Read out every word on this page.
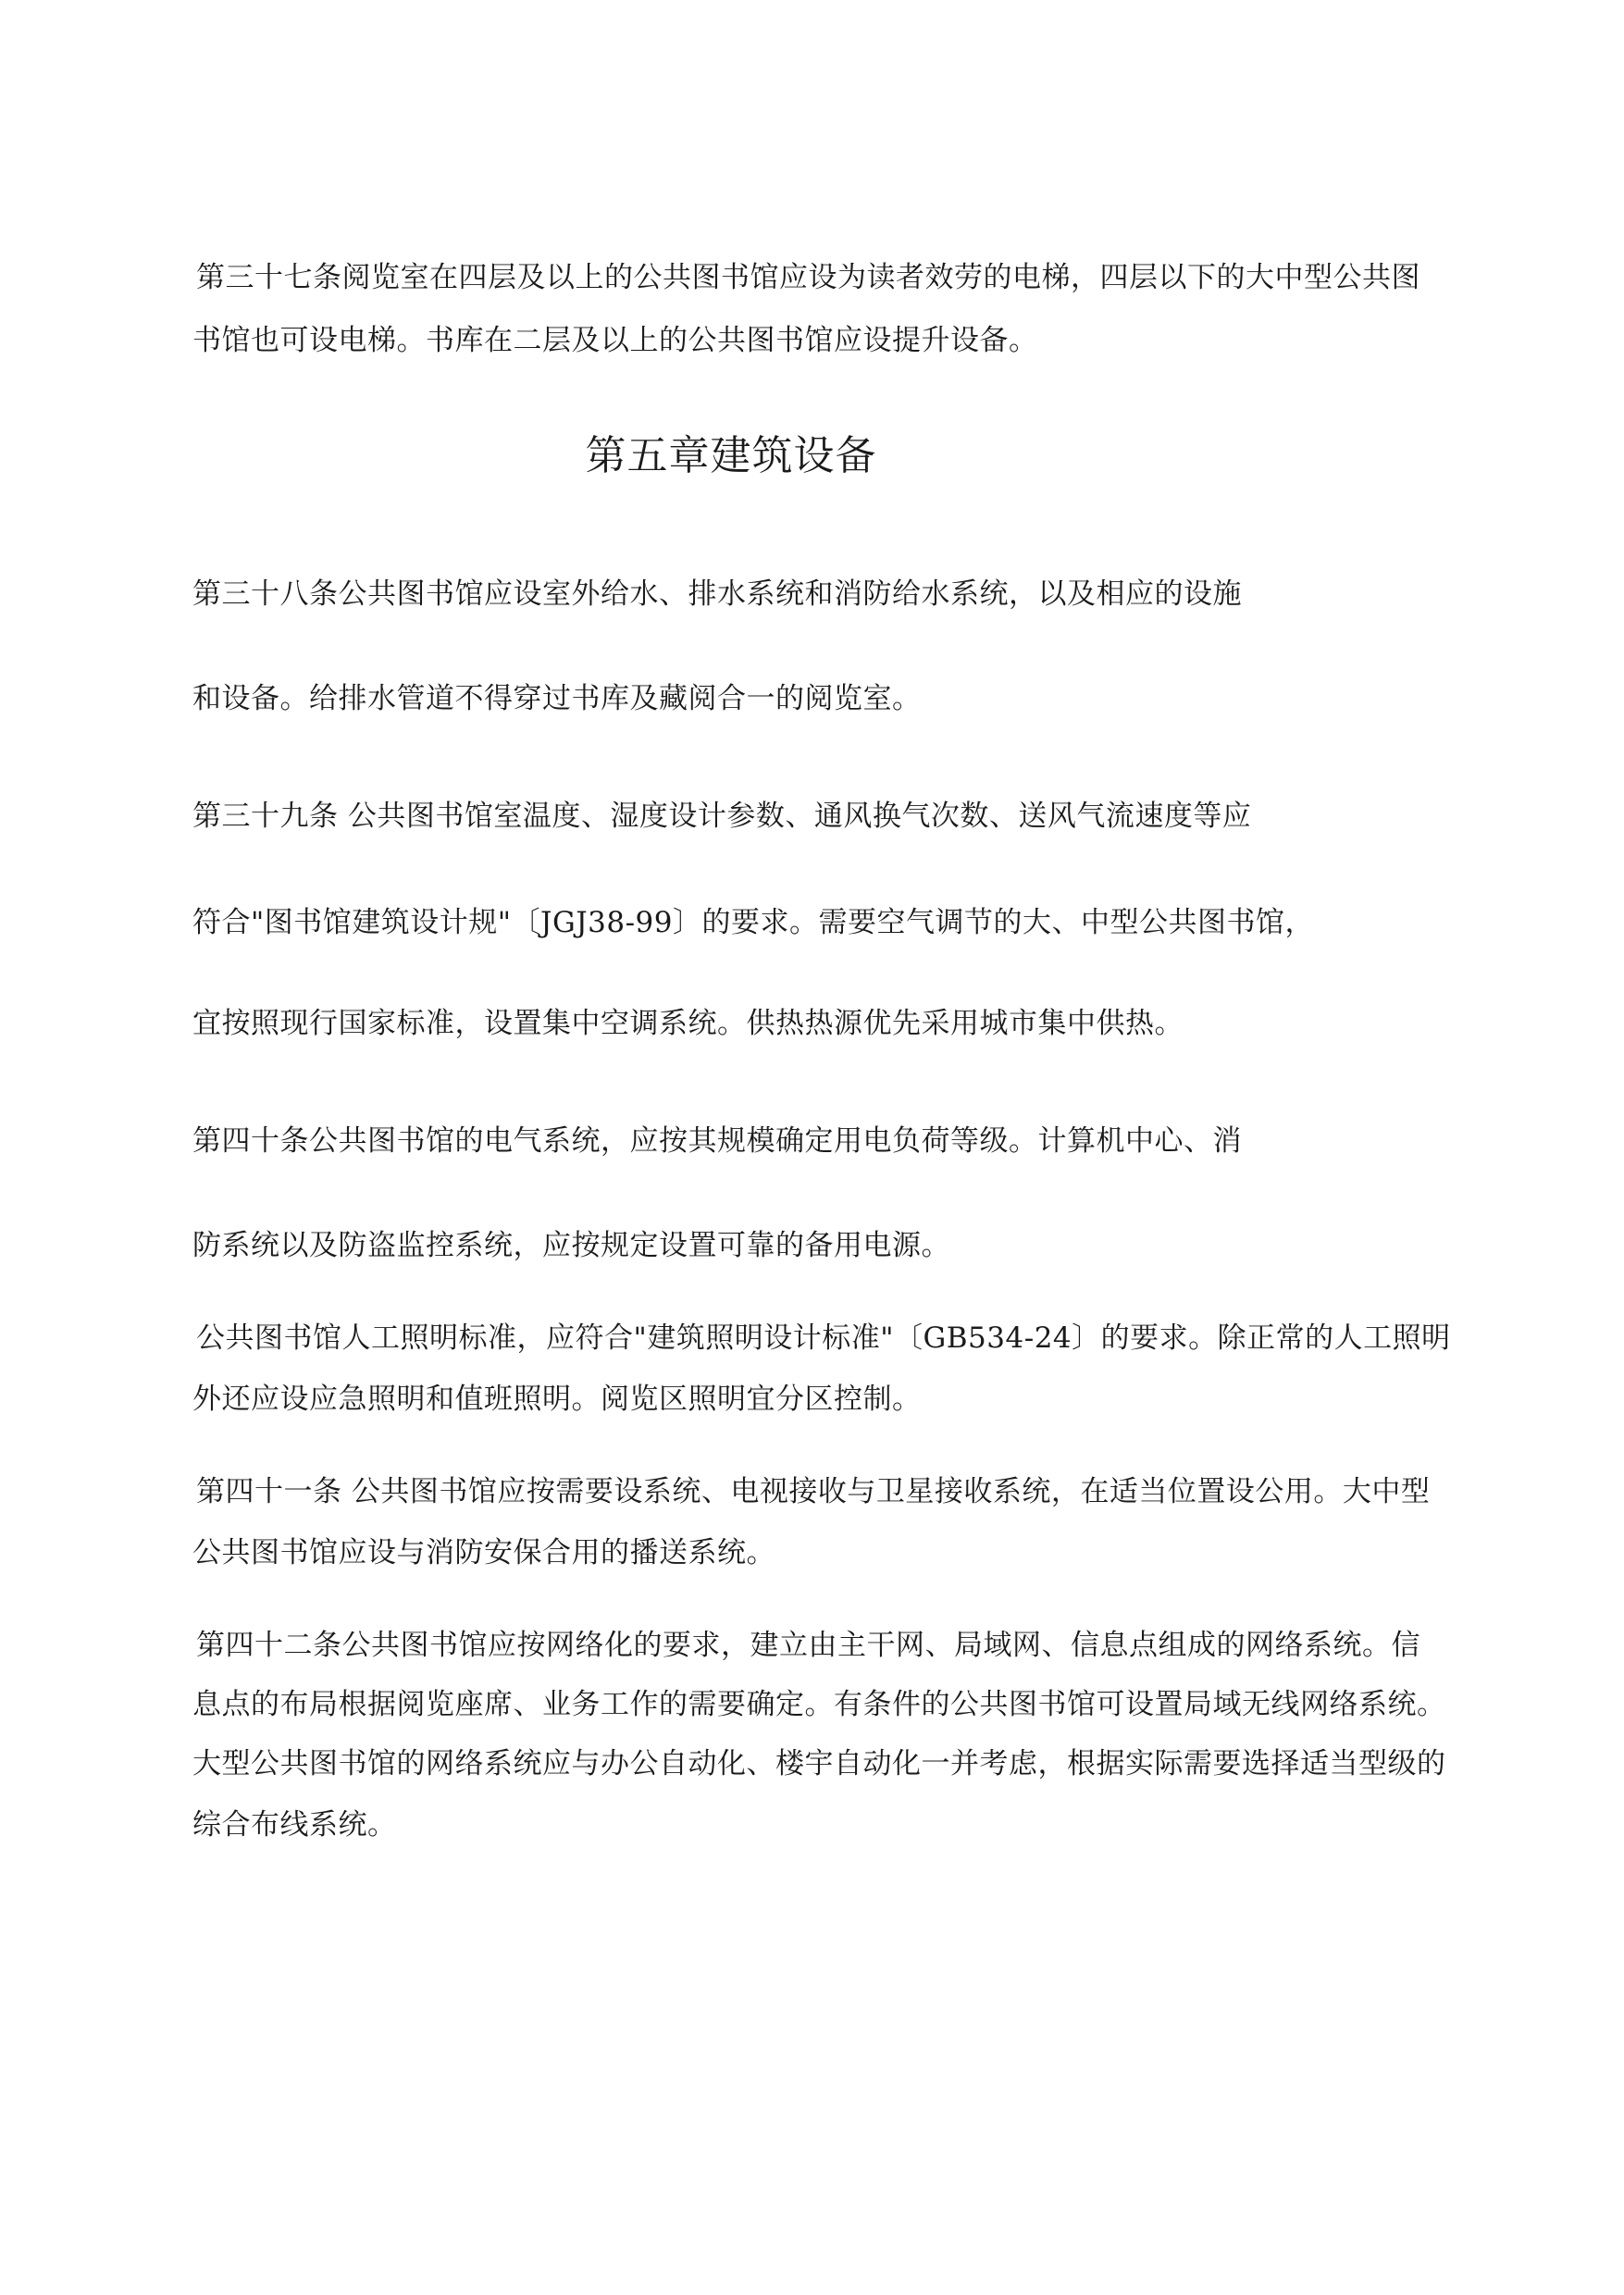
第三十七条阅览室在四层及以上的公共图书馆应设为读者效劳的电梯，四层以下的大中型公共图
书馆也可设电梯。书库在二层及以上的公共图书馆应设提升设备。
第五章建筑设备
第三十八条公共图书馆应设室外给水、排水系统和消防给水系统，以及相应的设施
和设备。给排水管道不得穿过书库及藏阅合一的阅览室。
第三十九条 公共图书馆室温度、湿度设计参数、通风换气次数、送风气流速度等应
符合"图书馆建筑设计规"〔JGJ38-99〕的要求。需要空气调节的大、中型公共图书馆，
宜按照现行国家标准，设置集中空调系统。供热热源优先采用城市集中供热。
第四十条公共图书馆的电气系统，应按其规模确定用电负荷等级。计算机中心、消
防系统以及防盗监控系统，应按规定设置可靠的备用电源。
公共图书馆人工照明标准，应符合"建筑照明设计标准"〔GB534-24〕的要求。除正常的人工照明
外还应设应急照明和值班照明。阅览区照明宜分区控制。
第四十一条 公共图书馆应按需要设系统、电视接收与卫星接收系统，在适当位置设公用。大中型
公共图书馆应设与消防安保合用的播送系统。
第四十二条公共图书馆应按网络化的要求，建立由主干网、局域网、信息点组成的网络系统。信
息点的布局根据阅览座席、业务工作的需要确定。有条件的公共图书馆可设置局域无线网络系统。
大型公共图书馆的网络系统应与办公自动化、楼宇自动化一并考虑，根据实际需要选择适当型级的
综合布线系统。
